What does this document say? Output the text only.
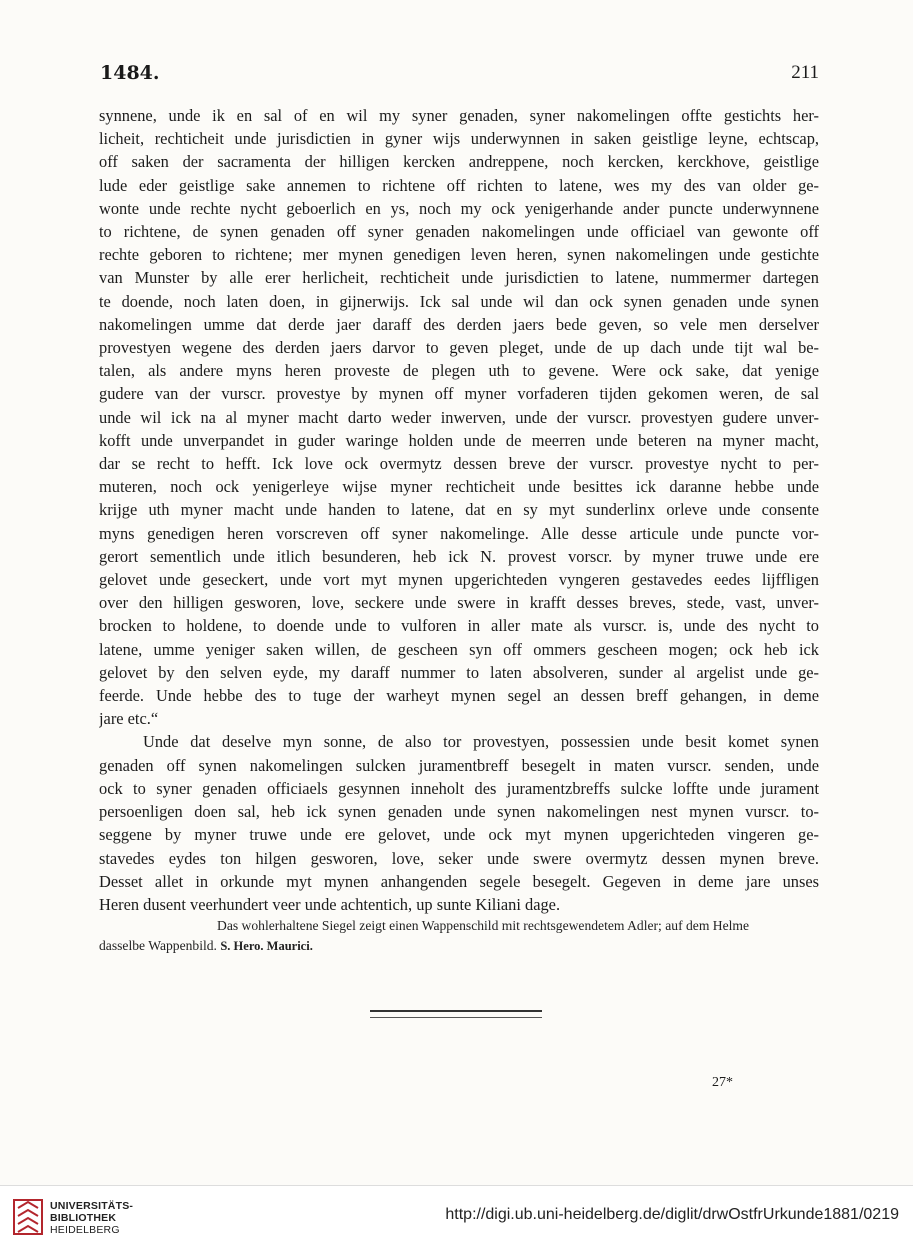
1484.	211
synnene, unde ik en sal of en wil my syner genaden, syner nakomelingen offte gestichts her-
licheit, rechticheit unde jurisdictien in gyner wijs underwynnen in saken geistlige leyne, echtscap,
off saken der sacramenta der hilligen kercken andreppene, noch kercken, kerckhove, geistlige
lude eder geistlige sake annemen to richtene off richten to latene, wes my des van older ge-
wonte unde rechte nycht geboerlich en ys, noch my ock yenigerhande ander puncte underwynnene
to richtene, de synen genaden off syner genaden nakomelingen unde officiael van gewonte off
rechte geboren to richtene; mer mynen genedigen leven heren, synen nakomelingen unde gestichte
van Munster by alle erer herlicheit, rechticheit unde jurisdictien to latene, nummermer dartegen
te doende, noch laten doen, in gijnerwijs. Ick sal unde wil dan ock synen genaden unde synen
nakomelingen umme dat derde jaer daraff des derden jaers bede geven, so vele men derselver
provestyen wegene des derden jaers darvor to geven pleget, unde de up dach unde tijt wal be-
talen, als andere myns heren proveste de plegen uth to gevene. Were ock sake, dat yenige
gudere van der vurscr. provestye by mynen off myner vorfaderen tijden gekomen weren, de sal
unde wil ick na al myner macht darto weder inwerven, unde der vurscr. provestyen gudere unver-
kofft unde unverpandet in guder waringe holden unde de meerren unde beteren na myner macht,
dar se recht to hefft. Ick love ock overmytz dessen breve der vurscr. provestye nycht to per-
muteren, noch ock yenigerleye wijse myner rechticheit unde besittes ick daranne hebbe unde
krijge uth myner macht unde handen to latene, dat en sy myt sunderlinx orleve unde consente
myns genedigen heren vorscreven off syner nakomelinge. Alle desse articule unde puncte vor-
gerort sementlich unde itlich besunderen, heb ick N. provest vorscr. by myner truwe unde ere
gelovet unde geseckert, unde vort myt mynen upgerichteden vyngeren gestavedes eedes lijffligen
over den hilligen gesworen, love, seckere unde swere in krafft desses breves, stede, vast, unver-
brocken to holdene, to doende unde to vulforen in aller mate als vurscr. is, unde des nycht to
latene, umme yeniger saken willen, de gescheen syn off ommers gescheen mogen; ock heb ick
gelovet by den selven eyde, my daraff nummer to laten absolveren, sunder al argelist unde ge-
feerde. Unde hebbe des to tuge der warheyt mynen segel an dessen breff gehangen, in deme
jare etc.“
Unde dat deselve myn sonne, de also tor provestyen, possessien unde besit komet synen
genaden off synen nakomelingen sulcken juramentbreff besegelt in maten vurscr. senden, unde
ock to syner genaden officiaels gesynnen inneholt des juramentzbreffs sulcke loffte unde jurament
persoenligen doen sal, heb ick synen genaden unde synen nakomelingen nest mynen vurscr. to-
seggene by myner truwe unde ere gelovet, unde ock myt mynen upgerichteden vingeren ge-
stavedes eydes ton hilgen gesworen, love, seker unde swere overmytz dessen mynen breve.
Desset allet in orkunde myt mynen anhangenden segele besegelt. Gegeven in deme jare unses
Heren dusent veerhundert veer unde achtentich, up sunte Kiliani dage.
Das wohlerhaltene Siegel zeigt einen Wappenschild mit rechtsgewendetem Adler; auf dem Helme
dasselbe Wappenbild. S. Hero. Maurici.

27*
UNIVERSITÄTS-
BIBLIOTHEK
HEIDELBERG
http://digi.ub.uni-heidelberg.de/diglit/drwOstfrUrkunde1881/0219
